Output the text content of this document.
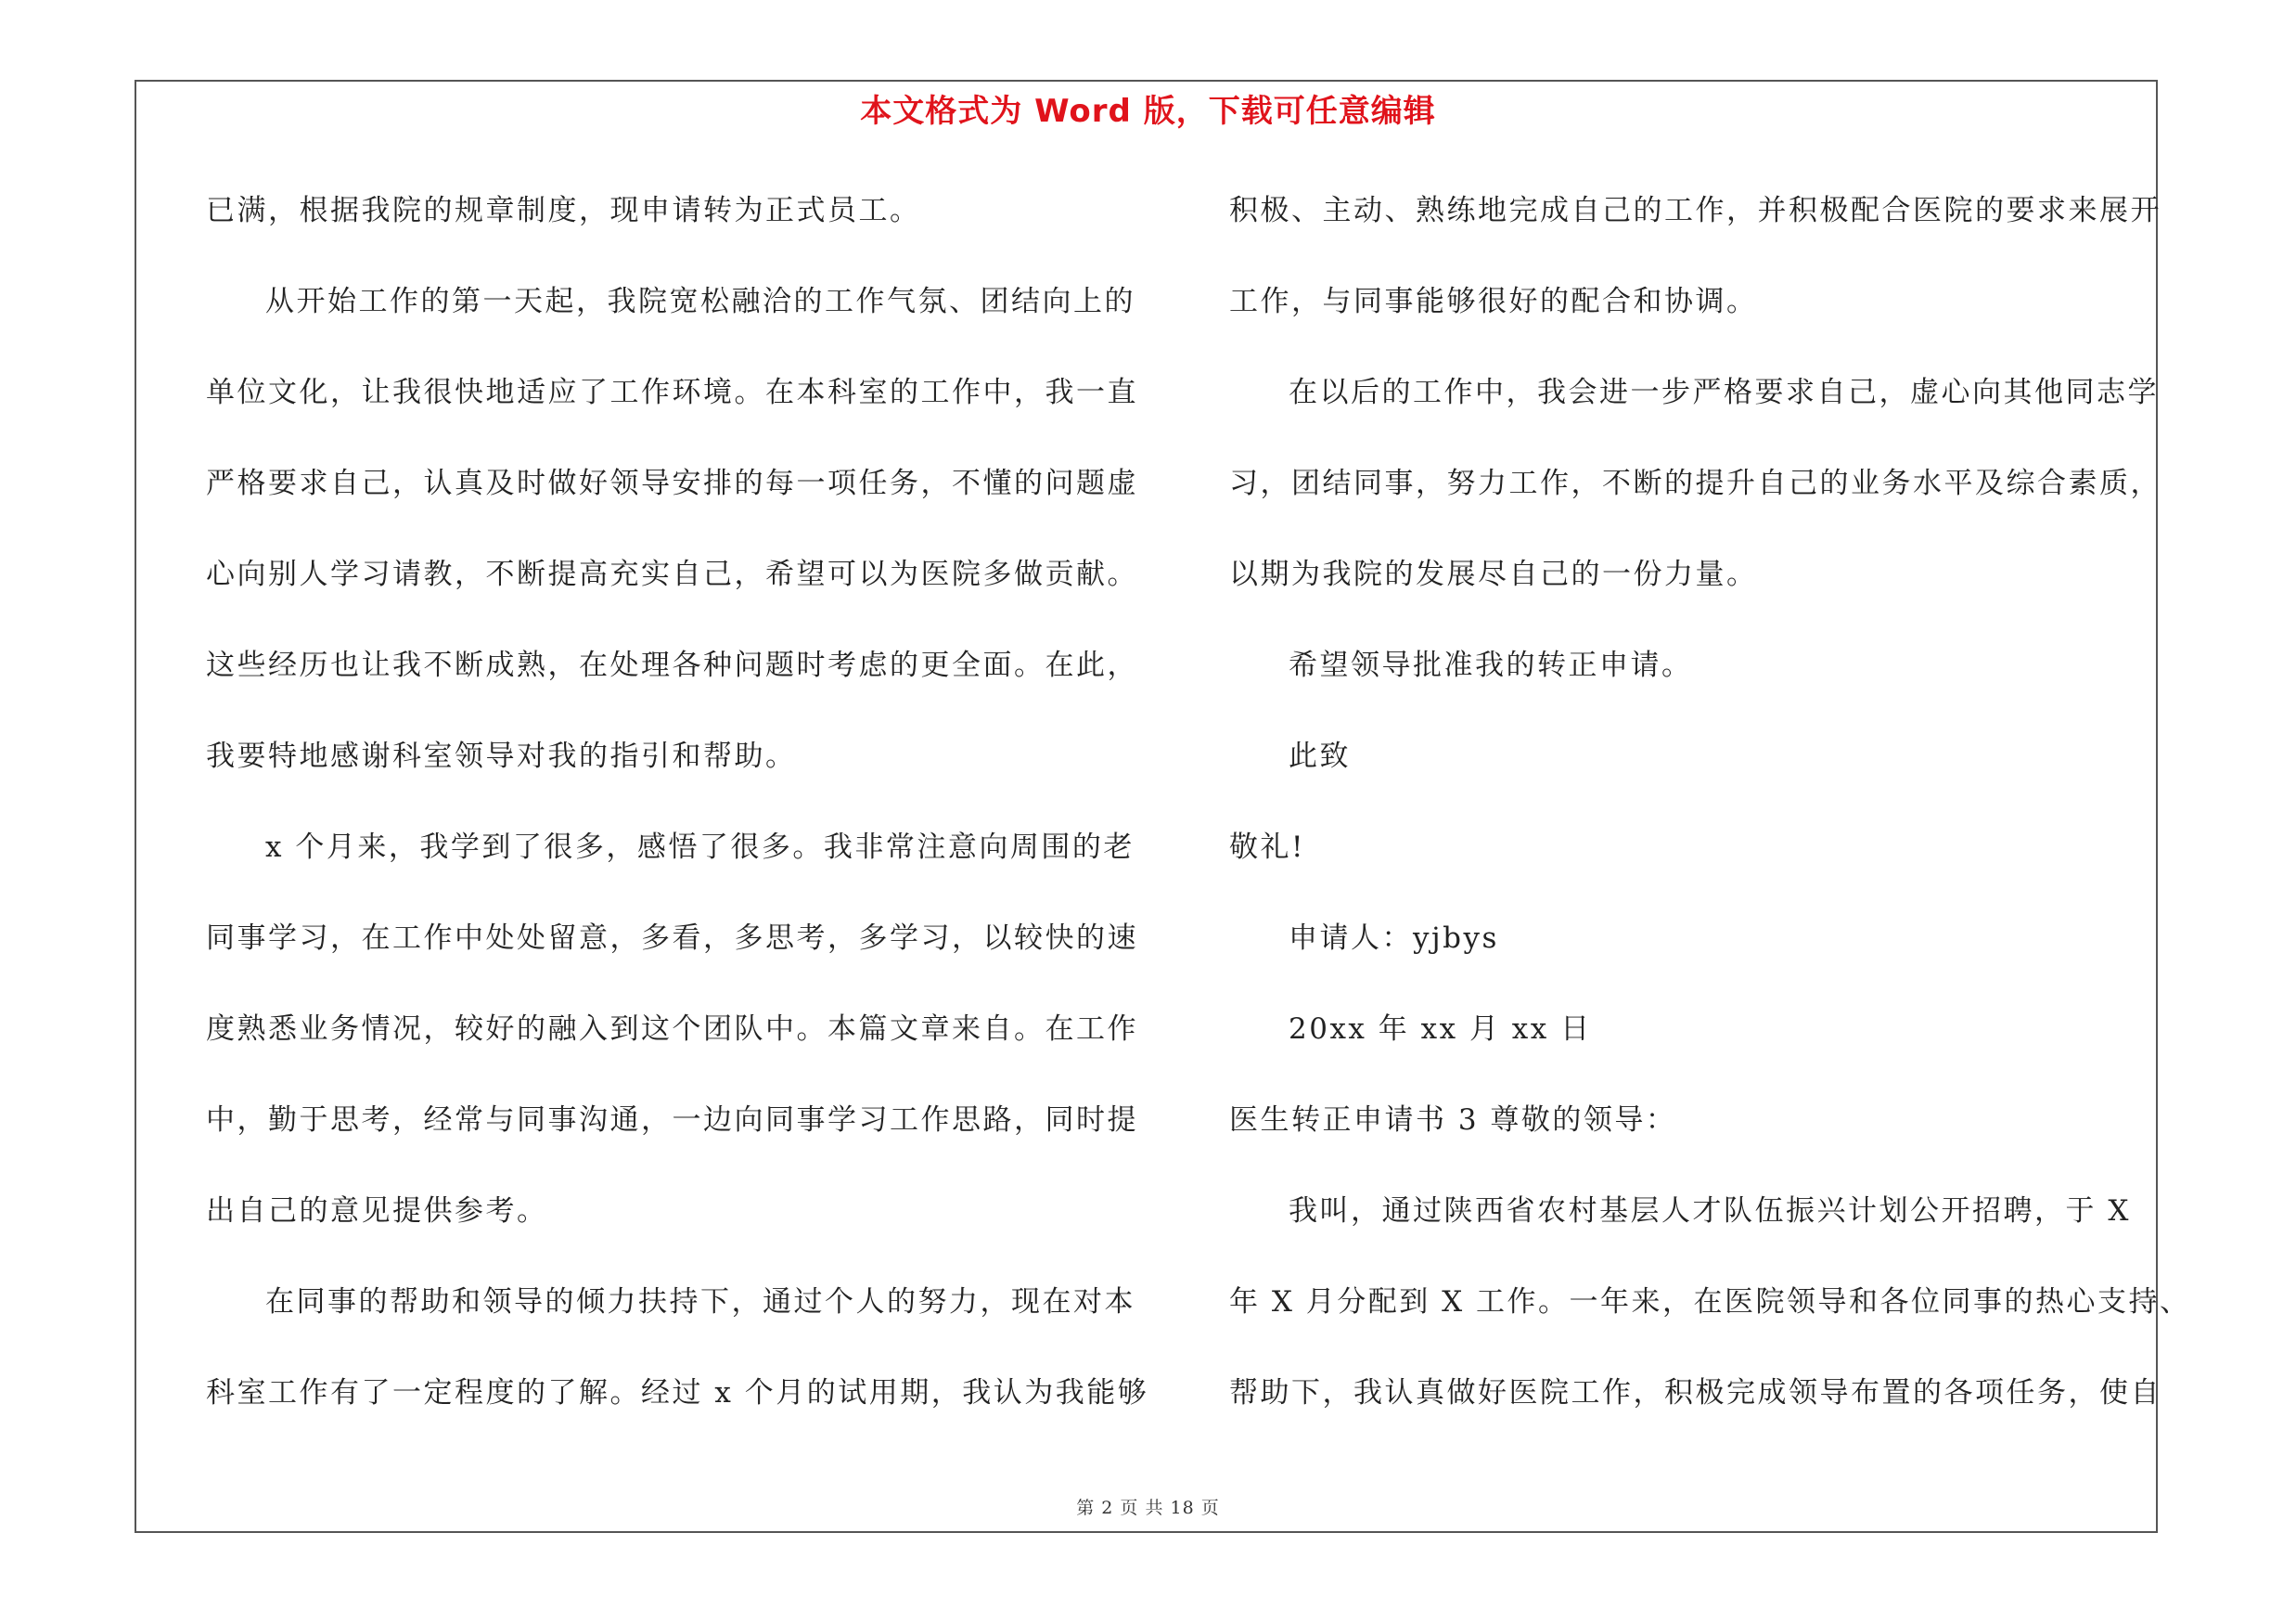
本文格式为 Word 版，下载可任意编辑
已满，根据我院的规章制度，现申请转为正式员工。
从开始工作的第一天起，我院宽松融洽的工作气氛、团结向上的
单位文化，让我很快地适应了工作环境。在本科室的工作中，我一直
严格要求自己，认真及时做好领导安排的每一项任务，不懂的问题虚
心向别人学习请教，不断提高充实自己，希望可以为医院多做贡献。
这些经历也让我不断成熟，在处理各种问题时考虑的更全面。在此，
我要特地感谢科室领导对我的指引和帮助。
x 个月来，我学到了很多，感悟了很多。我非常注意向周围的老
同事学习，在工作中处处留意，多看，多思考，多学习，以较快的速
度熟悉业务情况，较好的融入到这个团队中。本篇文章来自。在工作
中，勤于思考，经常与同事沟通，一边向同事学习工作思路，同时提
出自己的意见提供参考。
在同事的帮助和领导的倾力扶持下，通过个人的努力，现在对本
科室工作有了一定程度的了解。经过 x 个月的试用期，我认为我能够
积极、主动、熟练地完成自己的工作，并积极配合医院的要求来展开
工作，与同事能够很好的配合和协调。
在以后的工作中，我会进一步严格要求自己，虚心向其他同志学
习，团结同事，努力工作，不断的提升自己的业务水平及综合素质，
以期为我院的发展尽自己的一份力量。
希望领导批准我的转正申请。
此致
敬礼!
申请人：yjbys
20xx 年 xx 月 xx 日
医生转正申请书 3 尊敬的领导：
我叫，通过陕西省农村基层人才队伍振兴计划公开招聘，于 X
年 X 月分配到 X 工作。一年来，在医院领导和各位同事的热心支持、
帮助下，我认真做好医院工作，积极完成领导布置的各项任务，使自
第 2 页 共 18 页
